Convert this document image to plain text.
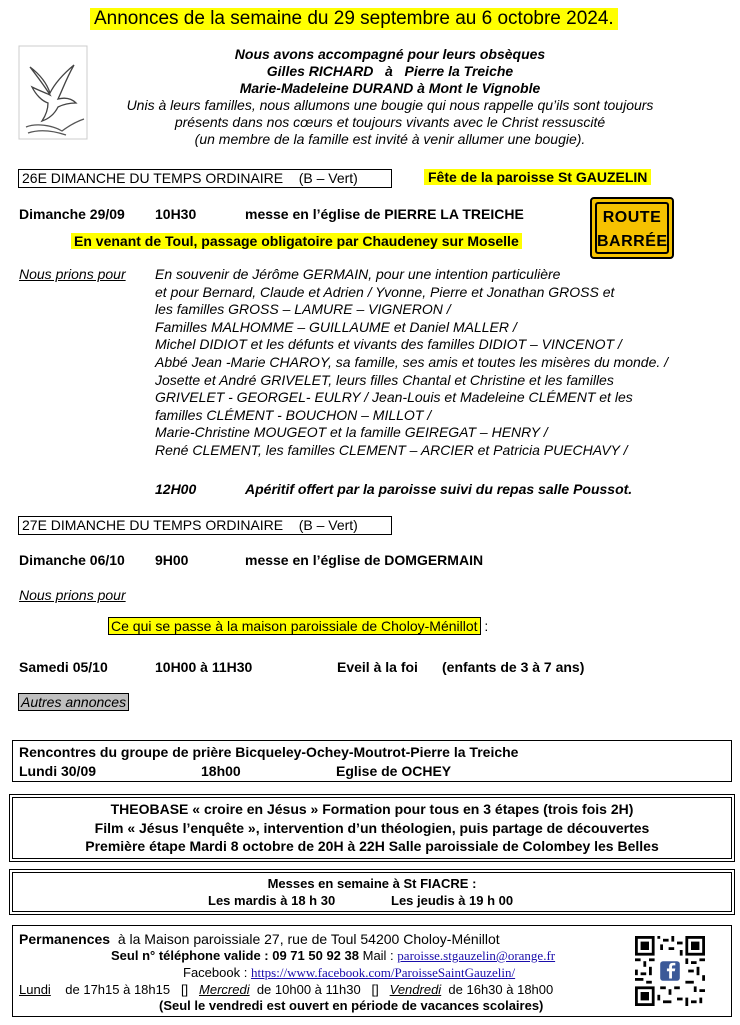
Annonces de la semaine du 29 septembre au 6 octobre 2024.
Nous avons accompagné pour leurs obsèques
Gilles RICHARD à Pierre la Treiche
Marie-Madeleine DURAND à Mont le Vignoble
Unis à leurs familles, nous allumons une bougie qui nous rappelle qu’ils sont toujours
présents dans nos cœurs et toujours vivants avec le Christ ressuscité
(un membre de la famille est invité à venir allumer une bougie).
26E DIMANCHE DU TEMPS ORDINAIRE (B – Vert)	Fête de la paroisse St GAUZELIN
Dimanche 29/09 10H30	messe en l’église de PIERRE LA TREICHE
En venant de Toul, passage obligatoire par Chaudeney sur Moselle
ROUTE
BARRÉE
Nous prions pour En souvenir de Jérôme GERMAIN, pour une intention particulière
et pour Bernard, Claude et Adrien / Yvonne, Pierre et Jonathan GROSS et
les familles GROSS – LAMURE – VIGNERON /
Familles MALHOMME – GUILLAUME et Daniel MALLER /
Michel DIDIOT et les défunts et vivants des familles DIDIOT – VINCENOT /
Abbé Jean -Marie CHAROY, sa famille, ses amis et toutes les misères du monde. /
Josette et André GRIVELET, leurs filles Chantal et Christine et les familles
GRIVELET - GEORGEL- EULRY / Jean-Louis et Madeleine CLÉMENT et les
familles CLÉMENT - BOUCHON – MILLOT /
Marie-Christine MOUGEOT et la famille GEIREGAT – HENRY /
René CLEMENT, les familles CLEMENT – ARCIER et Patricia PUECHAVY /
12H00	Apéritif offert par la paroisse suivi du repas salle Poussot.
27E DIMANCHE DU TEMPS ORDINAIRE (B – Vert)
Dimanche 06/10 9H00	messe en l’église de DOMGERMAIN
Nous prions pour
Ce qui se passe à la maison paroissiale de Choloy-Ménillot :
Samedi 05/10	10H00 à 11H30	Eveil à la foi (enfants de 3 à 7 ans)
Autres annonces
Rencontres du groupe de prière Bicqueley-Ochey-Moutrot-Pierre la Treiche
Lundi 30/09	18h00	Eglise de OCHEY
THEOBASE « croire en Jésus » Formation pour tous en 3 étapes (trois fois 2H)
Film « Jésus l’enquête », intervention d’un théologien, puis partage de découvertes
Première étape Mardi 8 octobre de 20H à 22H Salle paroissiale de Colombey les Belles
Messes en semaine à St FIACRE :
Les mardis à 18 h 30	Les jeudis à 19 h 00
Permanences à la Maison paroissiale 27, rue de Toul 54200 Choloy-Ménillot
Seul n° téléphone valide : 09 71 50 92 38 Mail : paroisse.stgauzelin@orange.fr
Facebook : https://www.facebook.com/ParoisseSaintGauzelin/
Lundi de 17h15 à 18h15 [] Mercredi de 10h00 à 11h30 [] Vendredi de 16h30 à 18h00
(Seul le vendredi est ouvert en période de vacances scolaires)
